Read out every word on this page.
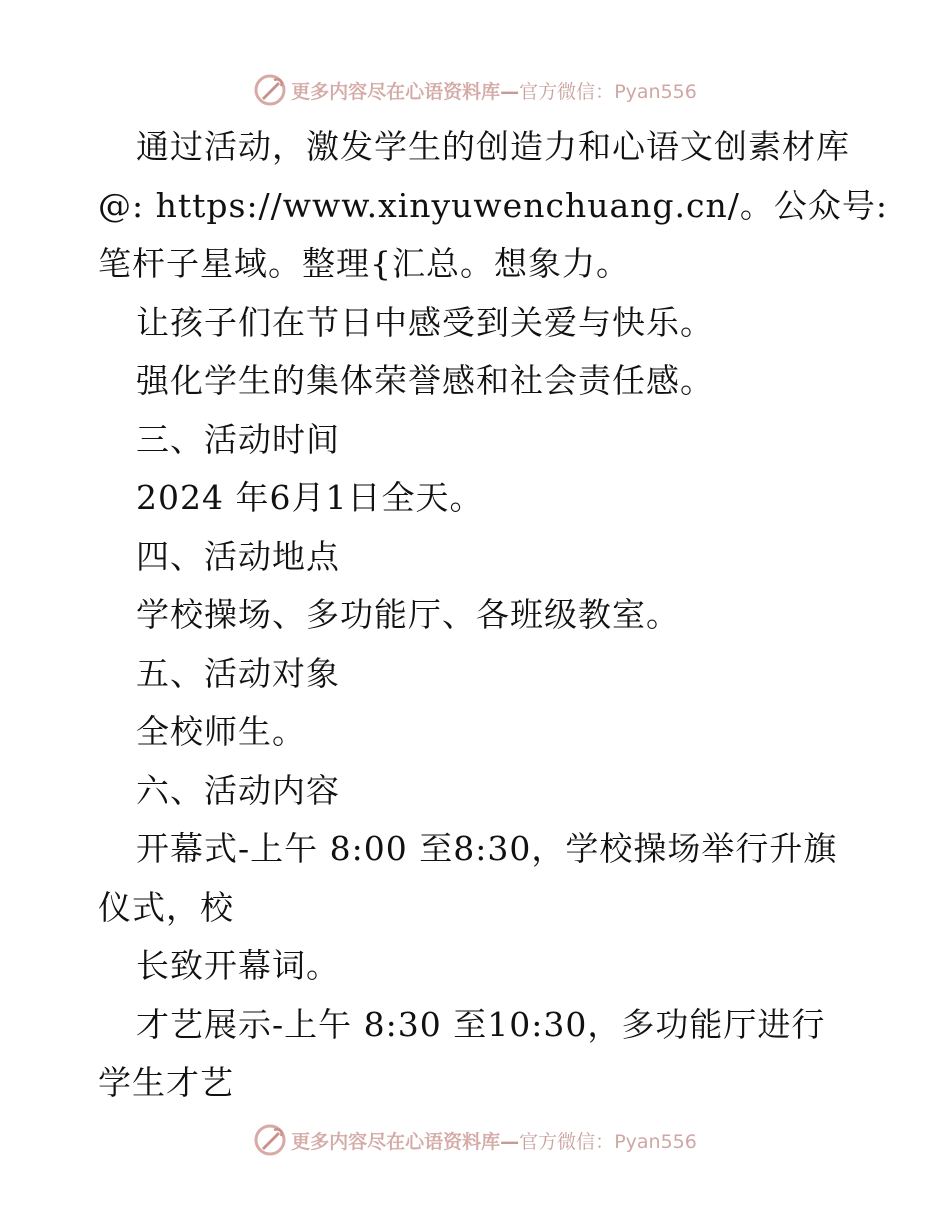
更多内容尽在心语资料库—官方微信：Pyan556
通过活动，激发学生的创造力和心语文创素材库
@: https://www.xinyuwenchuang.cn/。公众号:
笔杆子星域。整理{汇总。想象力。
让孩子们在节日中感受到关爱与快乐。
强化学生的集体荣誉感和社会责任感。
三、活动时间
2024 年6月1日全天。
四、活动地点
学校操场、多功能厅、各班级教室。
五、活动对象
全校师生。
六、活动内容
开幕式-上午 8:00 至8:30，学校操场举行升旗
仪式，校
长致开幕词。
才艺展示-上午 8:30 至10:30，多功能厅进行
学生才艺
更多内容尽在心语资料库—官方微信：Pyan556
